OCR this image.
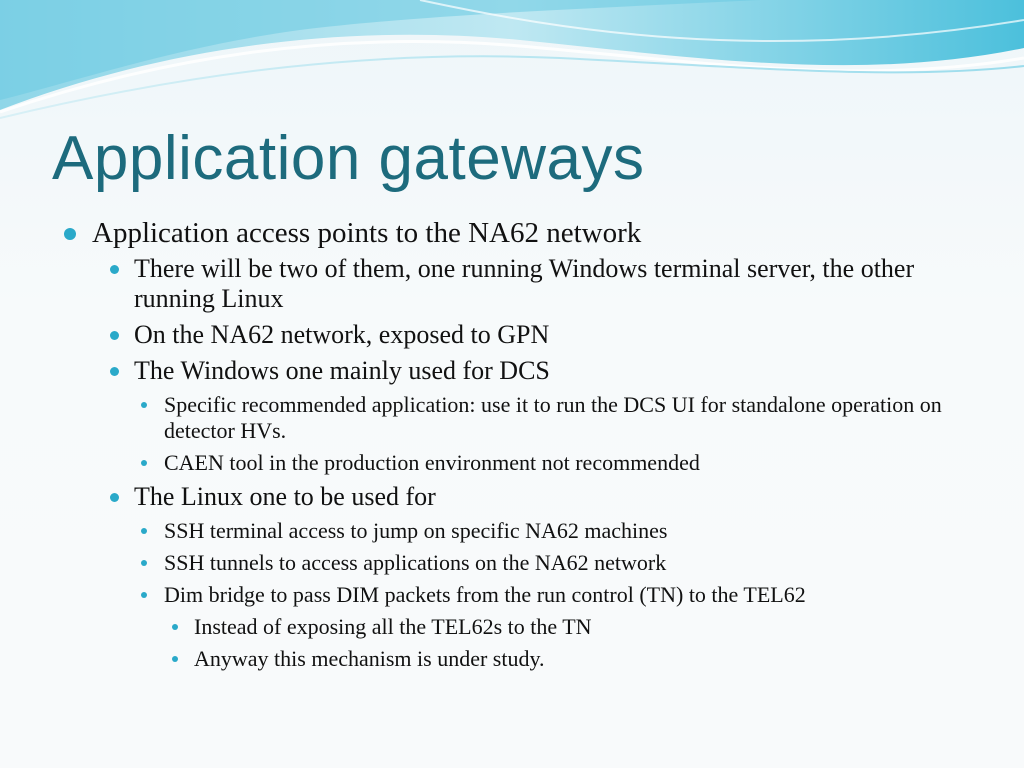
Application gateways
Application access points to the NA62 network
There will be two of them, one running Windows terminal server, the other running Linux
On the NA62 network, exposed to GPN
The Windows one mainly used for DCS
Specific recommended application: use it to run the DCS UI for standalone operation on detector HVs.
CAEN tool in the production environment not recommended
The Linux one to be used for
SSH terminal access to jump on specific NA62 machines
SSH tunnels to access applications on the NA62 network
Dim bridge to pass DIM packets from the run control (TN) to the TEL62
Instead of exposing all the TEL62s to the TN
Anyway this mechanism is under study.
